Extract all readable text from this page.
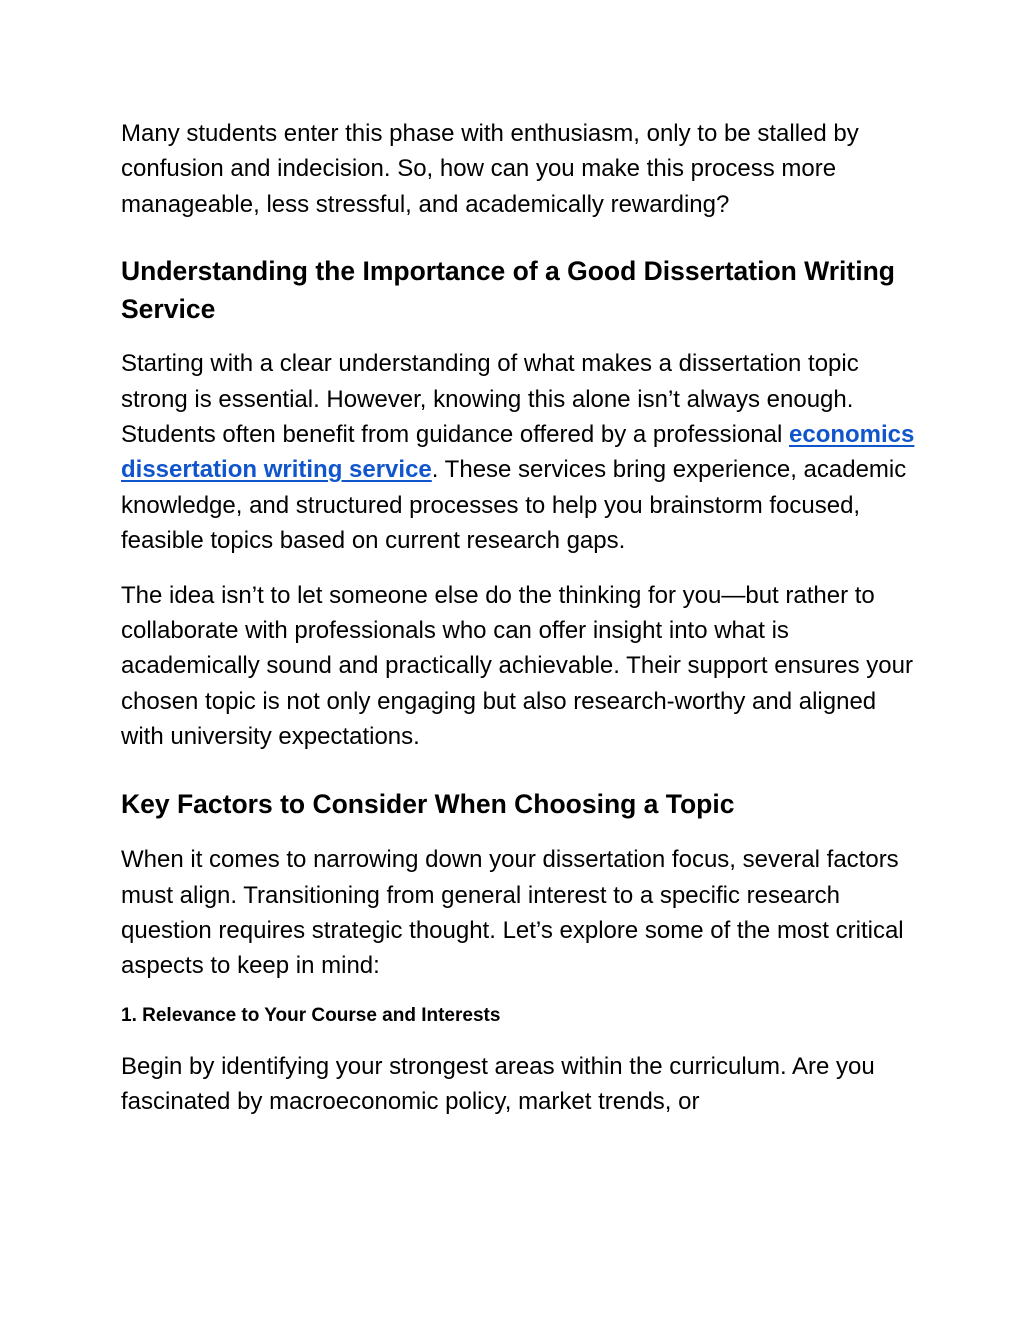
Many students enter this phase with enthusiasm, only to be stalled by confusion and indecision. So, how can you make this process more manageable, less stressful, and academically rewarding?

Understanding the Importance of a Good Dissertation Writing Service

Starting with a clear understanding of what makes a dissertation topic strong is essential. However, knowing this alone isn’t always enough. Students often benefit from guidance offered by a professional economics dissertation writing service. These services bring experience, academic knowledge, and structured processes to help you brainstorm focused, feasible topics based on current research gaps.

The idea isn’t to let someone else do the thinking for you—but rather to collaborate with professionals who can offer insight into what is academically sound and practically achievable. Their support ensures your chosen topic is not only engaging but also research-worthy and aligned with university expectations.

Key Factors to Consider When Choosing a Topic

When it comes to narrowing down your dissertation focus, several factors must align. Transitioning from general interest to a specific research question requires strategic thought. Let’s explore some of the most critical aspects to keep in mind:

1. Relevance to Your Course and Interests

Begin by identifying your strongest areas within the curriculum. Are you fascinated by macroeconomic policy, market trends, or
